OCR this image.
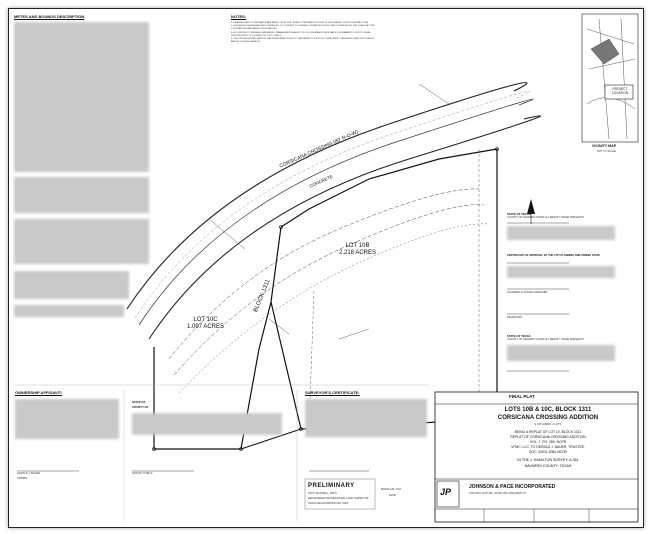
METES AND BOUNDS DESCRIPTION	NOTES:
1. BEARINGS AND COORDINATES ARE BASED UPON THE TEXAS COORDINATE SYSTEM OF 1983 (NAD83), NORTH CENTRAL ZONE.
2. DISTANCES SHOWN ARE GRID DISTANCES. TO CONVERT TO SURFACE DISTANCES DIVIDE GRID DISTANCES BY THE SCALE FACTOR.
3. ELEVATIONS ARE BASED UPON NAVD 88.
4. ACCORDING TO FEDERAL EMERGENCY MANAGEMENT AGENCY FLOOD INSURANCE RATE MAPS FOR NAVARRO COUNTY, TEXAS, THIS PROPERTY IS LOCATED IN FLOOD ZONE X.
5. THIS PROFESSIONAL SERVICE WAS PERFORMED WITHOUT THE BENEFIT OF A TITLE COMMITMENT. EASEMENTS MAY EXIST WHICH ARE NOT SHOWN HEREON.
CORSICANA CROSSING (80' R-O-W)
CONCRETE
LOT 10B
2.218 ACRES
LOT 10C
1.097 ACRES
BLOCK 1311
PROJECT LOCATION
VICINITY MAP
NOT TO SCALE
STATE OF TEXAS
COUNTY OF NAVARRO KNOW ALL MEN BY THESE PRESENTS
CERTIFICATE OF APPROVAL BY THE CITY PLANNING AND ZONING STAFF
PLANNING & ZONING MANAGER
SECRETARY
STATE OF TEXAS
COUNTY OF NAVARRO KNOW ALL MEN BY THESE PRESENTS
FINAL PLAT
LOTS 10B & 10C, BLOCK 1311
CORSICANA CROSSING ADDITION
3.315 ACRES, 2 LOTS
BEING A REPLAT OF LOT 10, BLOCK 1311
REPLAT OF CORSICANA CROSSING ADDITION
VOL. 7, PG. 280, NCPR
VFMC, LLC, TO GERALD J. BAUER, TRUSTEE,
DOC. #2011-0081 NCDR
IN THE J. HAMILTON SURVEY, A-351
NAVARRO COUNTY, TEXAS
JP	JOHNSON & PACE INCORPORATED
1201 NW LOOP 281, SUITE 100 LONGVIEW TX
OWNERSHIP AFFIDAVIT:
GERALD J. BAUER
OWNER
STATE OF
COUNTY OF
NOTARY PUBLIC
SURVEYOR'S CERTIFICATE:
PRELIMINARY
TROY MAXWELL, RPLS
REGISTERED PROFESSIONAL LAND SURVEYOR
TEXAS REGISTRATION NO. 5926
MARCH 28, 2017
DATE
